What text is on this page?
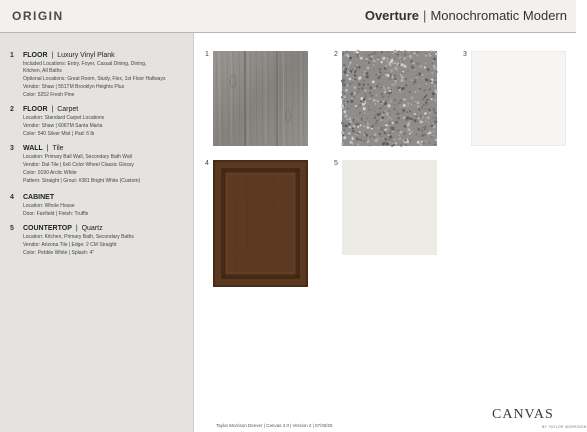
ORIGIN	Overture | Monochromatic Modern
1 FLOOR | Luxury Vinyl Plank
Included Locations: Entry, Foyer, Casual Dining, Dining,
Kitchen, All Baths
Optional Locations: Great Room, Study, Flex, 1st Floor Hallways
Vendor: Shaw | 551TM Brooklyn Heights Plus
Color: 5252 Fresh Pine
2 FLOOR | Carpet
Location: Standard Carpet Locations
Vendor: Shaw | 606TM Santa Marta
Color: 540 Silver Mist | Pad: 6 lb
3 WALL | Tile
Location: Primary Ball Wall, Secondary Bath Wall
Vendor: Dal-Tile | 6x6 Color Wheel Classic Glossy
Color: 0190 Arctic White
Pattern: Straight | Grout: #381 Bright White (Custom)
4 CABINET
Location: Whole House
Door: Fairfield | Finish: Truffle
5 COUNTERTOP | Quartz
Location: Kitchen, Primary Bath, Secondary Baths
Vendor: Arizona Tile | Edge: 2 CM Straight
Color: Pebble White | Splash: 4"
1	2	3
4	5
Taylor Morrison Denver | Canvas 4.0 | Version 2 | 07/30/25
CANVAS
BY TAYLOR MORRISON
